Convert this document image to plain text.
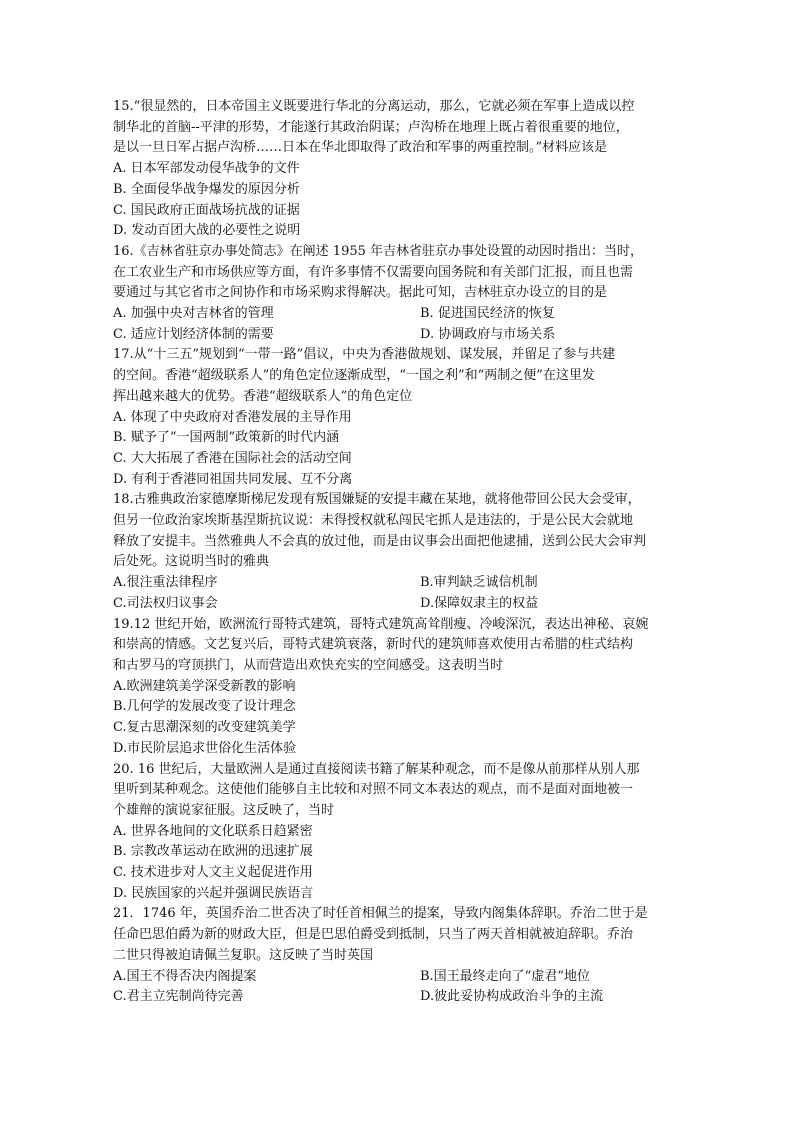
15.“很显然的，日本帝国主义既要进行华北的分离运动，那么，它就必须在军事上造成以控
制华北的首脑--平津的形势，才能遂行其政治阴谋；卢沟桥在地理上既占着很重要的地位，
是以一旦日军占据卢沟桥……日本在华北即取得了政治和军事的两重控制。”材料应该是
A. 日本军部发动侵华战争的文件
B. 全面侵华战争爆发的原因分析
C. 国民政府正面战场抗战的证据
D. 发动百团大战的必要性之说明
16.《吉林省驻京办事处简志》在阐述 1955 年吉林省驻京办事处设置的动因时指出：当时，
在工农业生产和市场供应等方面，有许多事情不仅需要向国务院和有关部门汇报，而且也需
要通过与其它省市之间协作和市场采购求得解决。据此可知，吉林驻京办设立的目的是
A. 加强中央对吉林省的管理	B. 促进国民经济的恢复
C. 适应计划经济体制的需要	D. 协调政府与市场关系
17.从“十三五”规划到“一带一路”倡议，中央为香港做规划、谋发展，并留足了参与共建
的空间。香港“超级联系人”的角色定位逐渐成型，“一国之利”和“两制之便”在这里发
挥出越来越大的优势。香港“超级联系人”的角色定位
A. 体现了中央政府对香港发展的主导作用
B. 赋予了“一国两制”政策新的时代内涵
C. 大大拓展了香港在国际社会的活动空间
D. 有利于香港同祖国共同发展、互不分离
18.古雅典政治家德摩斯梯尼发现有叛国嫌疑的安提丰藏在某地，就将他带回公民大会受审，
但另一位政治家埃斯基涅斯抗议说：未得授权就私闯民宅抓人是违法的，于是公民大会就地
释放了安提丰。当然雅典人不会真的放过他，而是由议事会出面把他逮捕，送到公民大会审判
后处死。这说明当时的雅典
A.很注重法律程序	B.审判缺乏诚信机制
C.司法权归议事会	D.保障奴隶主的权益
19.12 世纪开始，欧洲流行哥特式建筑，哥特式建筑高耸削瘦、冷峻深沉，表达出神秘、哀婉
和崇高的情感。文艺复兴后，哥特式建筑衰落，新时代的建筑师喜欢使用古希腊的柱式结构
和古罗马的穹顶拱门，从而营造出欢快充实的空间感受。这表明当时
A.欧洲建筑美学深受新教的影响
B.几何学的发展改变了设计理念
C.复古思潮深刻的改变建筑美学
D.市民阶层追求世俗化生活体验
20. 16 世纪后，大量欧洲人是通过直接阅读书籍了解某种观念，而不是像从前那样从别人那
里听到某种观念。这使他们能够自主比较和对照不同文本表达的观点，而不是面对面地被一
个雄辩的演说家征服。这反映了，当时
A. 世界各地间的文化联系日趋紧密
B. 宗教改革运动在欧洲的迅速扩展
C. 技术进步对人文主义起促进作用
D. 民族国家的兴起并强调民族语言
21．1746 年，英国乔治二世否决了时任首相佩兰的提案，导致内阁集体辞职。乔治二世于是
任命巴思伯爵为新的财政大臣，但是巴思伯爵受到抵制，只当了两天首相就被迫辞职。乔治
二世只得被迫请佩兰复职。这反映了当时英国
A.国王不得否决内阁提案	B.国王最终走向了“虚君”地位
C.君主立宪制尚待完善	D.彼此妥协构成政治斗争的主流
